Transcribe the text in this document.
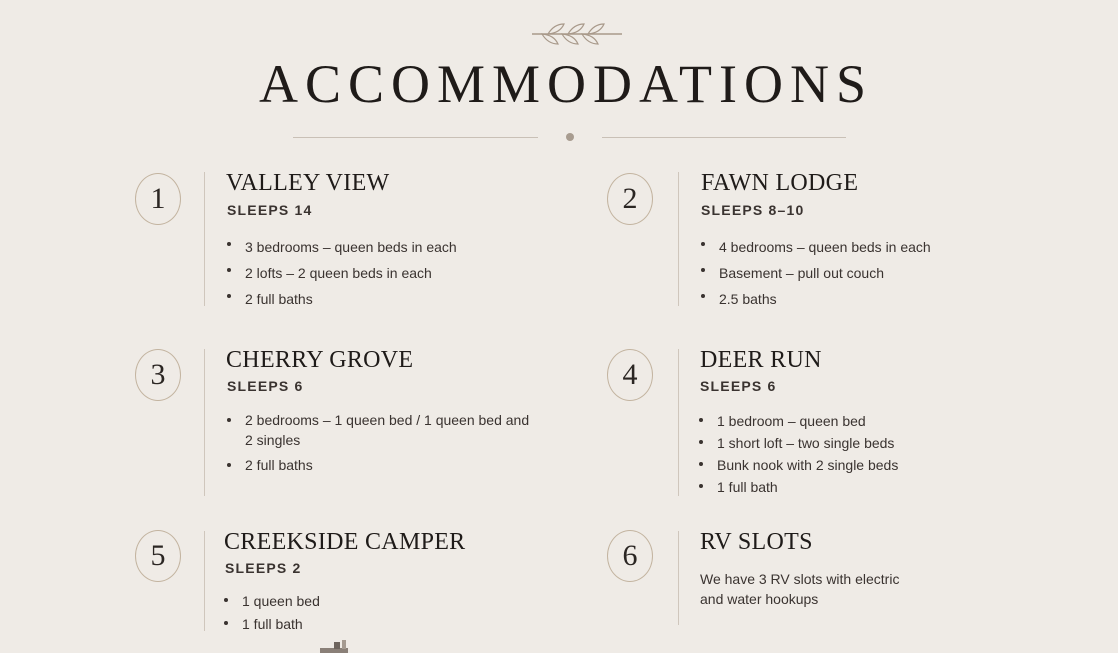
ACCOMMODATIONS
1	VALLEY VIEW
SLEEPS 14
3 bedrooms – queen beds in each
2 lofts – 2 queen beds in each
2 full baths
2	FAWN LODGE
SLEEPS 8–10
4 bedrooms – queen beds in each
Basement – pull out couch
2.5 baths
3	CHERRY GROVE
SLEEPS 6
2 bedrooms – 1 queen bed / 1 queen bed and 2 singles
2 full baths
4	DEER RUN
SLEEPS 6
1 bedroom – queen bed
1 short loft – two single beds
Bunk nook with 2 single beds
1 full bath
5	CREEKSIDE CAMPER
SLEEPS 2
1 queen bed
1 full bath
6	RV SLOTS
We have 3 RV slots with electric and water hookups
